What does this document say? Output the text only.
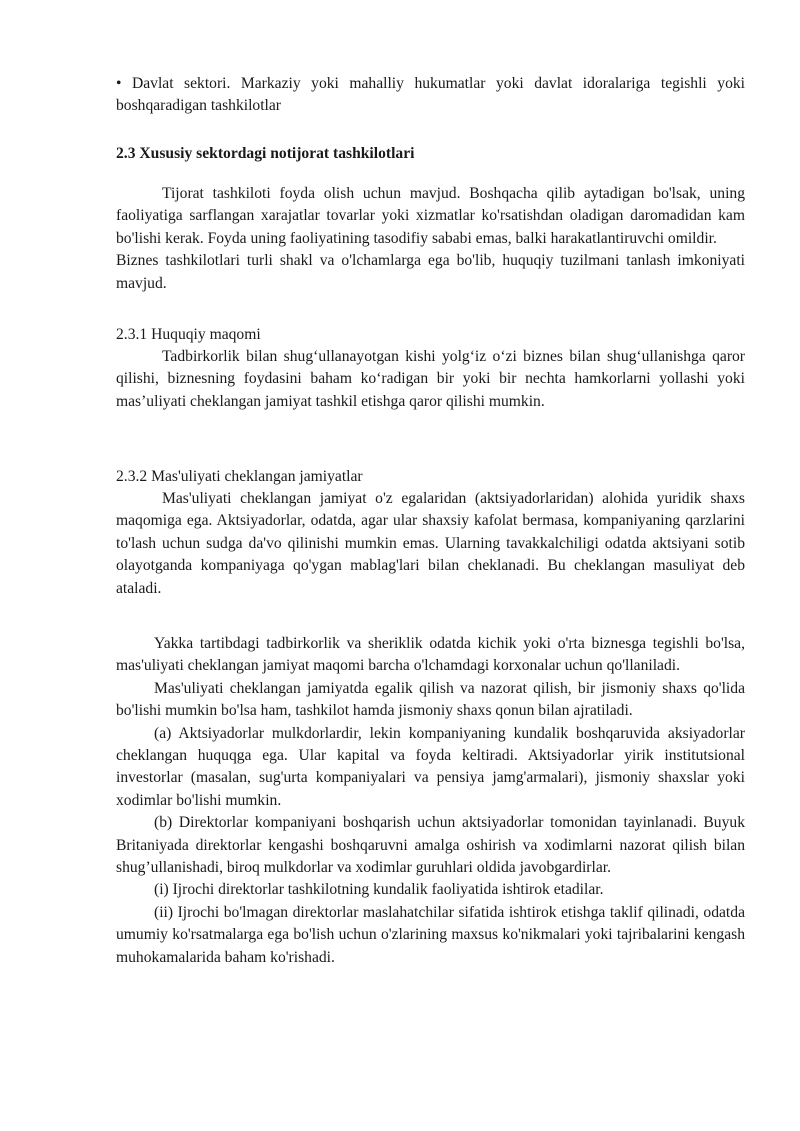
• Davlat sektori. Markaziy yoki mahalliy hukumatlar yoki davlat idoralariga tegishli yoki boshqaradigan tashkilotlar

2.3 Xususiy sektordagi notijorat tashkilotlari

Tijorat tashkiloti foyda olish uchun mavjud. Boshqacha qilib aytadigan bo'lsak, uning faoliyatiga sarflangan xarajatlar tovarlar yoki xizmatlar ko'rsatishdan oladigan daromadidan kam bo'lishi kerak. Foyda uning faoliyatining tasodifiy sababi emas, balki harakatlantiruvchi omildir.

Biznes tashkilotlari turli shakl va o'lchamlarga ega bo'lib, huquqiy tuzilmani tanlash imkoniyati mavjud.

2.3.1 Huquqiy maqomi

Tadbirkorlik bilan shug‘ullanayotgan kishi yolg‘iz o‘zi biznes bilan shug‘ullanishga qaror qilishi, biznesning foydasini baham ko‘radigan bir yoki bir nechta hamkorlarni yollashi yoki mas’uliyati cheklangan jamiyat tashkil etishga qaror qilishi mumkin.

2.3.2 Mas'uliyati cheklangan jamiyatlar

Mas'uliyati cheklangan jamiyat o'z egalaridan (aktsiyadorlaridan) alohida yuridik shaxs maqomiga ega. Aktsiyadorlar, odatda, agar ular shaxsiy kafolat bermasa, kompaniyaning qarzlarini to'lash uchun sudga da'vo qilinishi mumkin emas. Ularning tavakkalchiligi odatda aktsiyani sotib olayotganda kompaniyaga qo'ygan mablag'lari bilan cheklanadi. Bu cheklangan masuliyat deb ataladi.

Yakka tartibdagi tadbirkorlik va sheriklik odatda kichik yoki o'rta biznesga tegishli bo'lsa, mas'uliyati cheklangan jamiyat maqomi barcha o'lchamdagi korxonalar uchun qo'llaniladi.

Mas'uliyati cheklangan jamiyatda egalik qilish va nazorat qilish, bir jismoniy shaxs qo'lida bo'lishi mumkin bo'lsa ham, tashkilot hamda jismoniy shaxs qonun bilan ajratiladi.

(a) Aktsiyadorlar mulkdorlardir, lekin kompaniyaning kundalik boshqaruvida aksiyadorlar cheklangan huquqga ega. Ular kapital va foyda keltiradi. Aktsiyadorlar yirik institutsional investorlar (masalan, sug'urta kompaniyalari va pensiya jamg'armalari), jismoniy shaxslar yoki xodimlar bo'lishi mumkin.

(b) Direktorlar kompaniyani boshqarish uchun aktsiyadorlar tomonidan tayinlanadi. Buyuk Britaniyada direktorlar kengashi boshqaruvni amalga oshirish va xodimlarni nazorat qilish bilan shug’ullanishadi, biroq mulkdorlar va xodimlar guruhlari oldida javobgardirlar.

(i) Ijrochi direktorlar tashkilotning kundalik faoliyatida ishtirok etadilar.

(ii) Ijrochi bo'lmagan direktorlar maslahatchilar sifatida ishtirok etishga taklif qilinadi, odatda umumiy ko'rsatmalarga ega bo'lish uchun o'zlarining maxsus ko'nikmalari yoki tajribalarini kengash muhokamalarida baham ko'rishadi.
